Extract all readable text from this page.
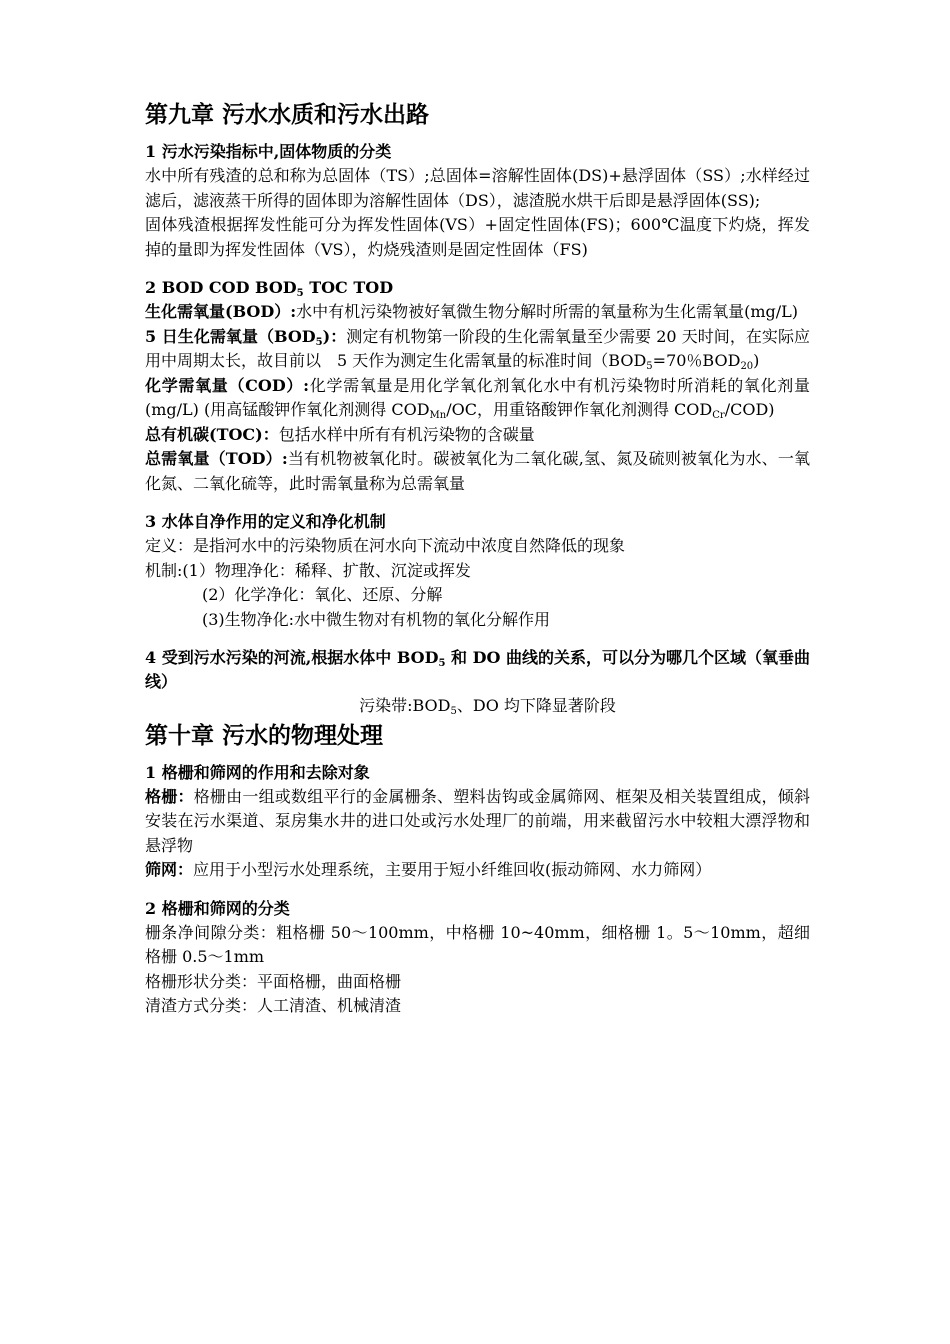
第九章 污水水质和污水出路
1 污水污染指标中,固体物质的分类

水中所有残渣的总和称为总固体（TS）;总固体=溶解性固体(DS)+悬浮固体（SS）;水样经过滤后，滤液蒸干所得的固体即为溶解性固体（DS），滤渣脱水烘干后即是悬浮固体(SS);

固体残渣根据挥发性能可分为挥发性固体(VS）+固定性固体(FS)；600℃温度下灼烧，挥发掉的量即为挥发性固体（VS），灼烧残渣则是固定性固体（FS)

2 BOD COD $BOD_5$ TOC TOD

生化需氧量(BOD）:水中有机污染物被好氧微生物分解时所需的氧量称为生化需氧量(mg/L)

5 日生化需氧量$(BOD_5)$：测定有机物第一阶段的生化需氧量至少需要 20 天时间，在实际应用中周期太长，故目前以　5 天作为测定生化需氧量的标准时间（$BOD_5=70$％$BOD_{20}$)

化学需氧量（COD）:化学需氧量是用化学氧化剂氧化水中有机污染物时所消耗的氧化剂量(mg/L) (用高锰酸钾作氧化剂测得 $COD_{Mn}/OC$，用重铬酸钾作氧化剂测得 $COD_{Cr}/COD$)

总有机碳(TOC)：包括水样中所有有机污染物的含碳量

总需氧量（TOD）:当有机物被氧化时。碳被氧化为二氧化碳,氢、氮及硫则被氧化为水、一氧化氮、二氧化硫等，此时需氧量称为总需氧量

3 水体自净作用的定义和净化机制

定义：是指河水中的污染物质在河水向下流动中浓度自然降低的现象

机制:(1）物理净化：稀释、扩散、沉淀或挥发

(2）化学净化：氧化、还原、分解

(3)生物净化:水中微生物对有机物的氧化分解作用

4 受到污水污染的河流,根据水体中 $BOD_5$ 和 DO 曲线的关系，可以分为哪几个区域（氧垂曲线）

污染带$:BOD_5$、DO 均下降显著阶段

第十章 污水的物理处理
1 格栅和筛网的作用和去除对象

格栅：格栅由一组或数组平行的金属栅条、塑料齿钩或金属筛网、框架及相关装置组成，倾斜安装在污水渠道、泵房集水井的进口处或污水处理厂的前端，用来截留污水中较粗大漂浮物和悬浮物

筛网：应用于小型污水处理系统，主要用于短小纤维回收(振动筛网、水力筛网）

2 格栅和筛网的分类

栅条净间隙分类：粗格栅 50～100mm，中格栅 10~40mm，细格栅 1。5～10mm，超细格栅 0.5～1mm

格栅形状分类：平面格栅，曲面格栅

清渣方式分类：人工清渣、机械清渣
